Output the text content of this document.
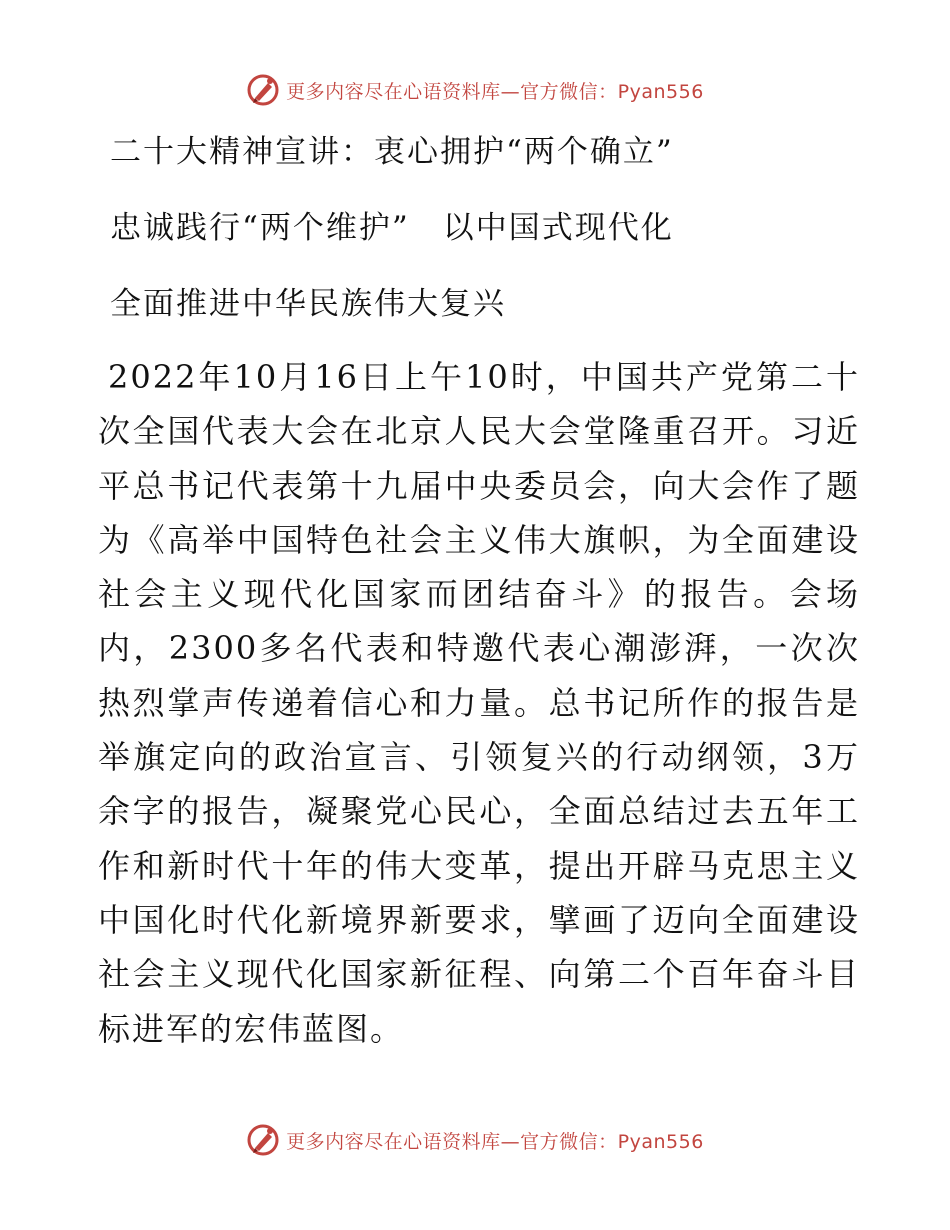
更多内容尽在心语资料库—官方微信：Pyan556
二十大精神宣讲：衷心拥护“两个确立”
忠诚践行“两个维护”　以中国式现代化
全面推进中华民族伟大复兴

2022年10月16日上午10时，中国共产党第二十次全国代表大会在北京人民大会堂隆重召开。习近平总书记代表第十九届中央委员会，向大会作了题为《高举中国特色社会主义伟大旗帜，为全面建设社会主义现代化国家而团结奋斗》的报告。会场内，2300多名代表和特邀代表心潮澎湃，一次次热烈掌声传递着信心和力量。总书记所作的报告是举旗定向的政治宣言、引领复兴的行动纲领，3万余字的报告，凝聚党心民心，全面总结过去五年工作和新时代十年的伟大变革，提出开辟马克思主义中国化时代化新境界新要求，擘画了迈向全面建设社会主义现代化国家新征程、向第二个百年奋斗目标进军的宏伟蓝图。

更多内容尽在心语资料库—官方微信：Pyan556
